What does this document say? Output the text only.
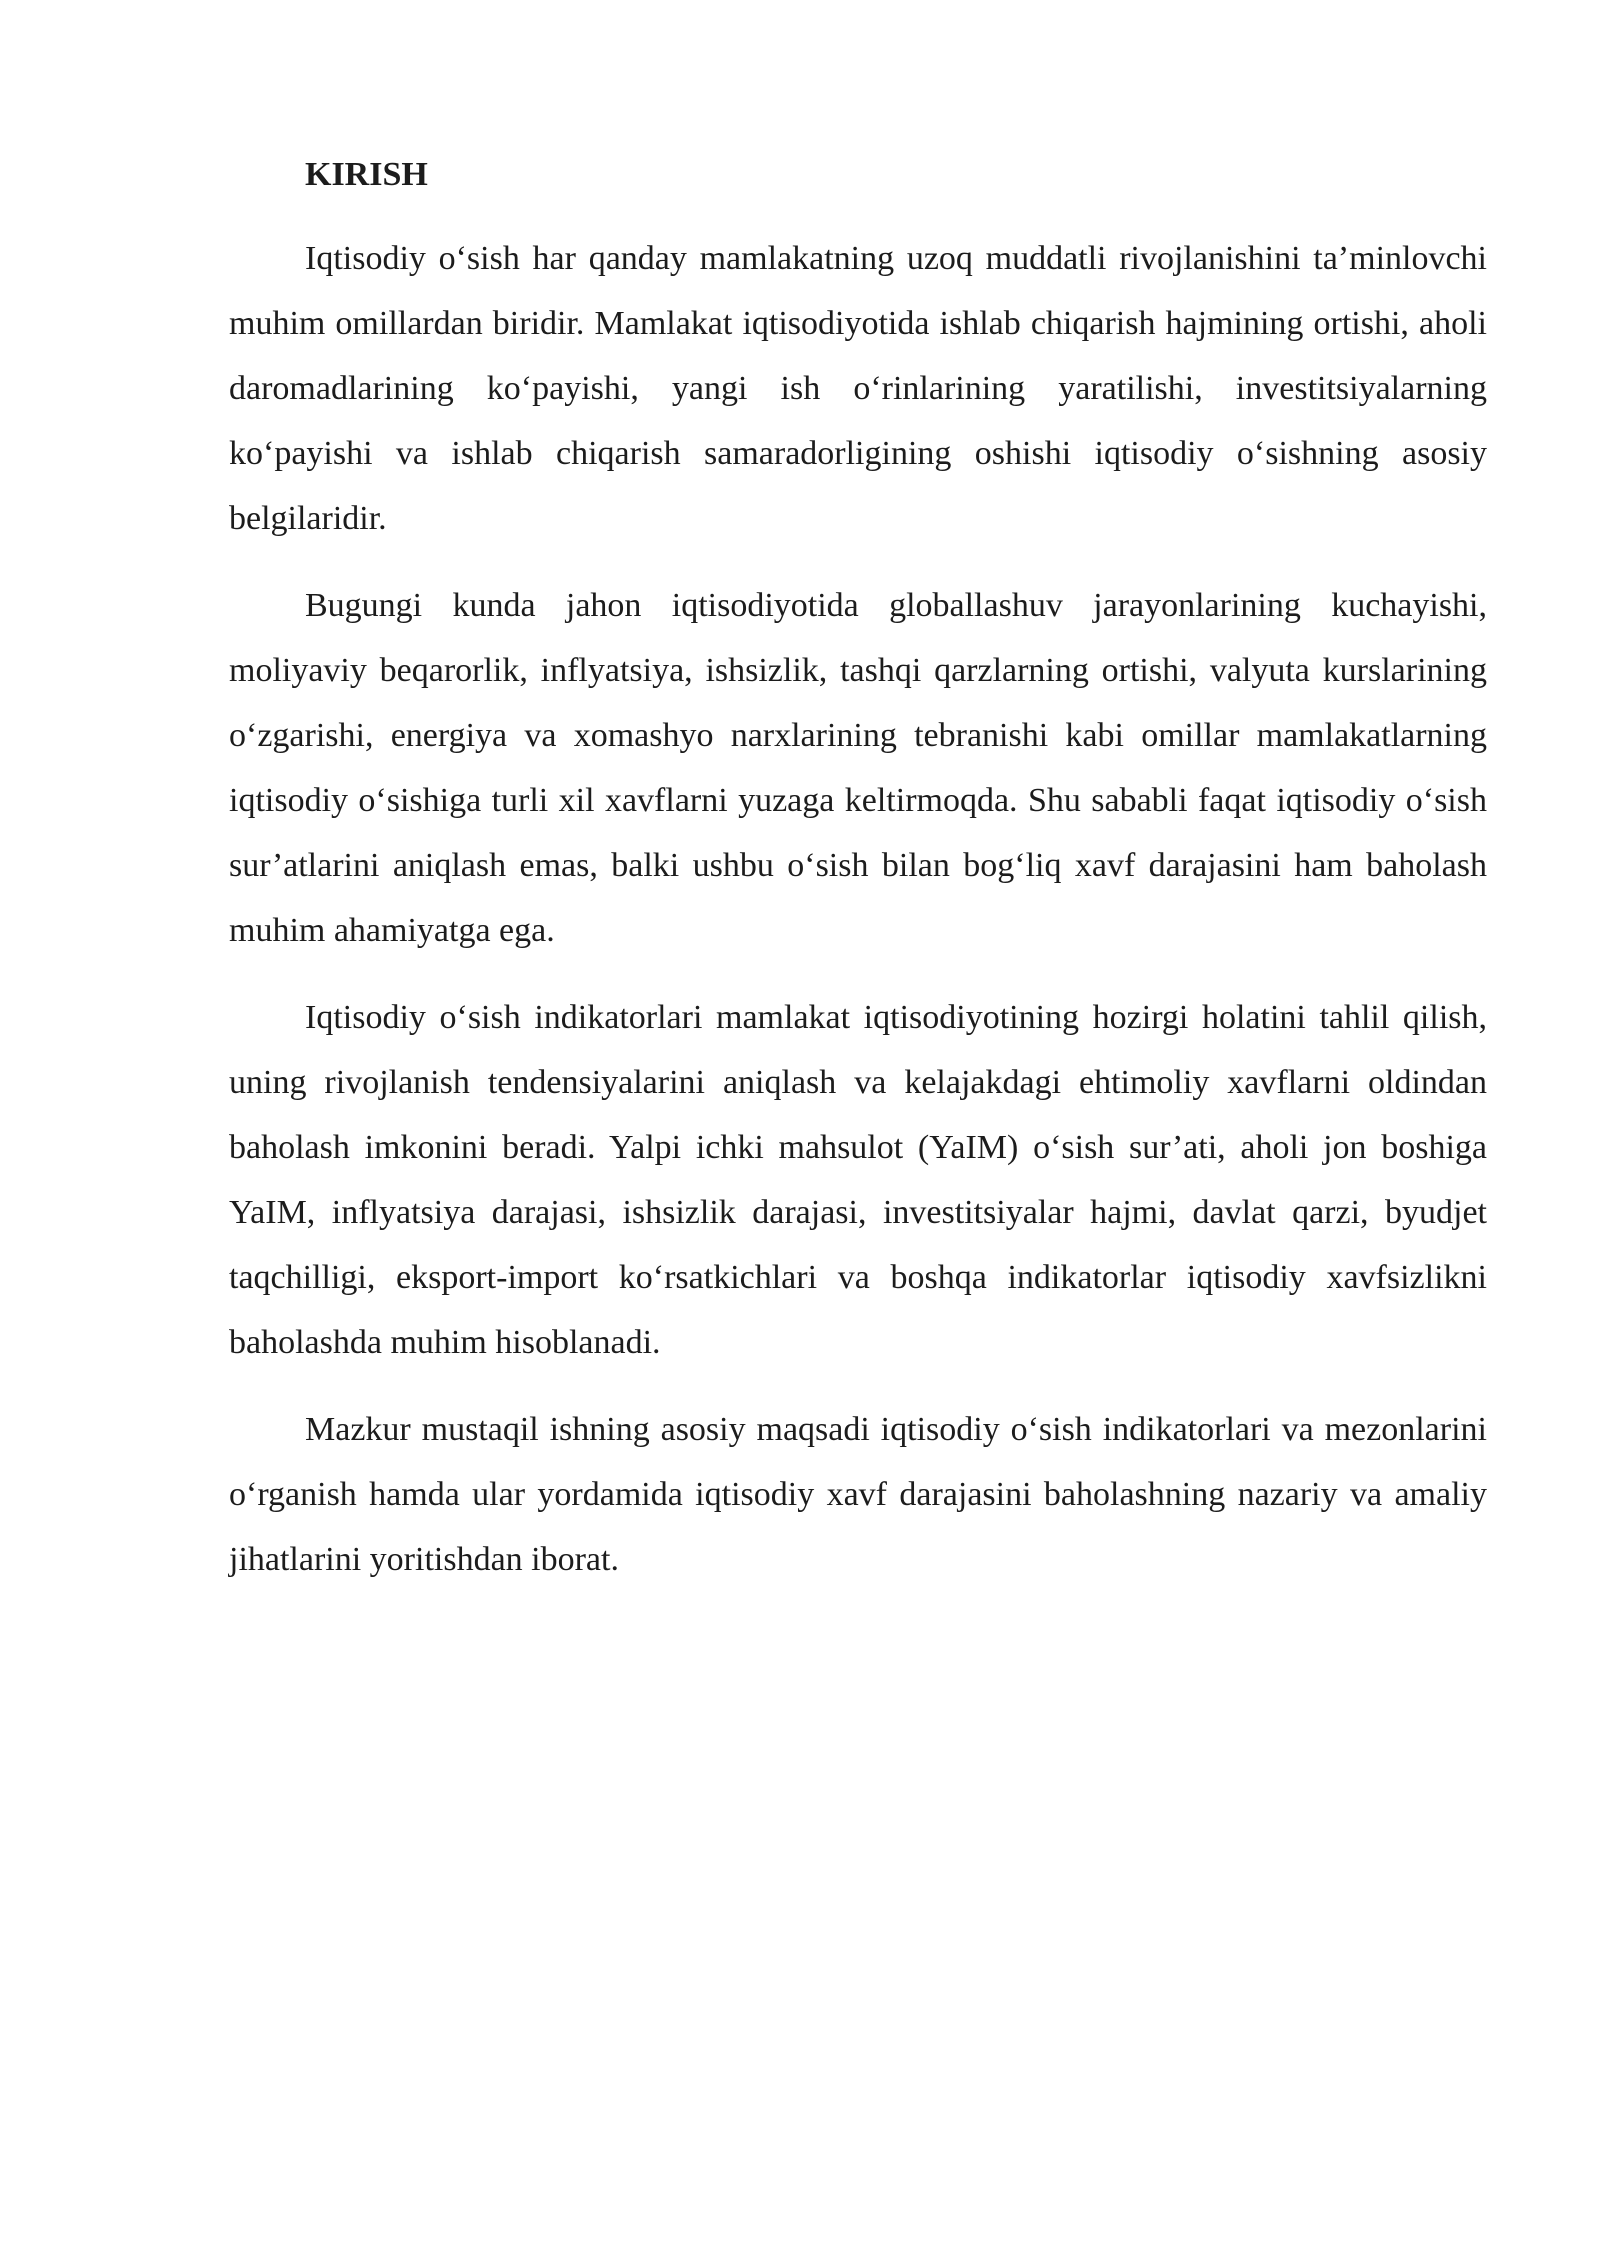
KIRISH

Iqtisodiy o‘sish har qanday mamlakatning uzoq muddatli rivojlanishini ta’minlovchi muhim omillardan biridir. Mamlakat iqtisodiyotida ishlab chiqarish hajmining ortishi, aholi daromadlarining ko‘payishi, yangi ish o‘rinlarining yaratilishi, investitsiyalarning ko‘payishi va ishlab chiqarish samaradorligining oshishi iqtisodiy o‘sishning asosiy belgilaridir.

Bugungi kunda jahon iqtisodiyotida globallashuv jarayonlarining kuchayishi, moliyaviy beqarorlik, inflyatsiya, ishsizlik, tashqi qarzlarning ortishi, valyuta kurslarining o‘zgarishi, energiya va xomashyo narxlarining tebranishi kabi omillar mamlakatlarning iqtisodiy o‘sishiga turli xil xavflarni yuzaga keltirmoqda. Shu sababli faqat iqtisodiy o‘sish sur’atlarini aniqlash emas, balki ushbu o‘sish bilan bog‘liq xavf darajasini ham baholash muhim ahamiyatga ega.

Iqtisodiy o‘sish indikatorlari mamlakat iqtisodiyotining hozirgi holatini tahlil qilish, uning rivojlanish tendensiyalarini aniqlash va kelajakdagi ehtimoliy xavflarni oldindan baholash imkonini beradi. Yalpi ichki mahsulot (YaIM) o‘sish sur’ati, aholi jon boshiga YaIM, inflyatsiya darajasi, ishsizlik darajasi, investitsiyalar hajmi, davlat qarzi, byudjet taqchilligi, eksport-import ko‘rsatkichlari va boshqa indikatorlar iqtisodiy xavfsizlikni baholashda muhim hisoblanadi.

Mazkur mustaqil ishning asosiy maqsadi iqtisodiy o‘sish indikatorlari va mezonlarini o‘rganish hamda ular yordamida iqtisodiy xavf darajasini baholashning nazariy va amaliy jihatlarini yoritishdan iborat.
